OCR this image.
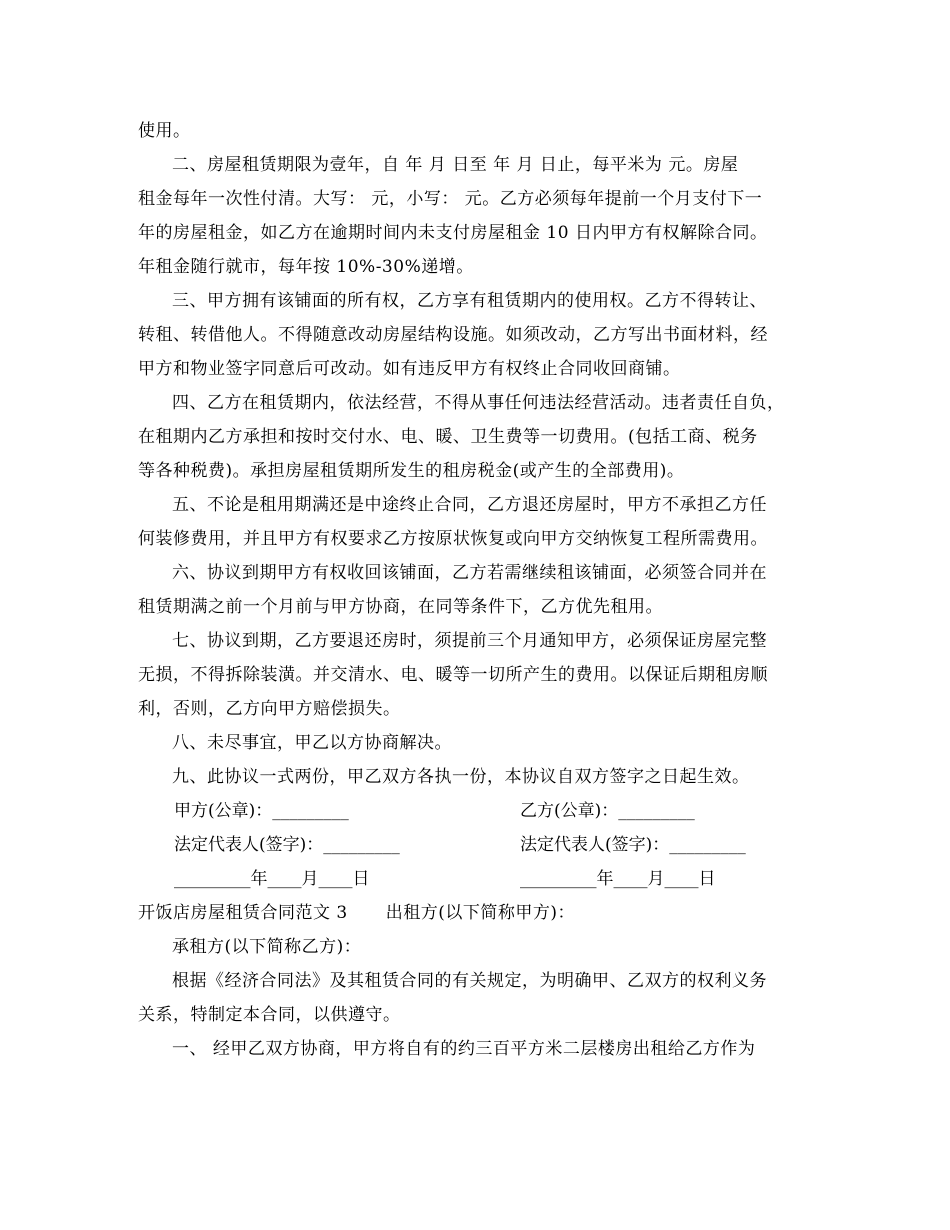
使用。
二、房屋租赁期限为壹年，自 年 月 日至 年 月 日止，每平米为 元。房屋
租金每年一次性付清。大写： 元，小写： 元。乙方必须每年提前一个月支付下一
年的房屋租金，如乙方在逾期时间内未支付房屋租金 10 日内甲方有权解除合同。
年租金随行就市，每年按 10%-30%递增。
三、甲方拥有该铺面的所有权，乙方享有租赁期内的使用权。乙方不得转让、
转租、转借他人。不得随意改动房屋结构设施。如须改动，乙方写出书面材料，经
甲方和物业签字同意后可改动。如有违反甲方有权终止合同收回商铺。
四、乙方在租赁期内，依法经营，不得从事任何违法经营活动。违者责任自负，
在租期内乙方承担和按时交付水、电、暖、卫生费等一切费用。(包括工商、税务
等各种税费)。承担房屋租赁期所发生的租房税金(或产生的全部费用)。
五、不论是租用期满还是中途终止合同，乙方退还房屋时，甲方不承担乙方任
何装修费用，并且甲方有权要求乙方按原状恢复或向甲方交纳恢复工程所需费用。
六、协议到期甲方有权收回该铺面，乙方若需继续租该铺面，必须签合同并在
租赁期满之前一个月前与甲方协商，在同等条件下，乙方优先租用。
七、协议到期，乙方要退还房时，须提前三个月通知甲方，必须保证房屋完整
无损，不得拆除装潢。并交清水、电、暖等一切所产生的费用。以保证后期租房顺
利，否则，乙方向甲方赔偿损失。
八、未尽事宜，甲乙以方协商解决。
九、此协议一式两份，甲乙双方各执一份，本协议自双方签字之日起生效。
甲方(公章)：_________	乙方(公章)：_________
法定代表人(签字)：_________	法定代表人(签字)：_________
_________年____月____日	_________年____月____日
开饭店房屋租赁合同范文 3 出租方(以下简称甲方)：
承租方(以下简称乙方)：
根据《经济合同法》及其租赁合同的有关规定，为明确甲、乙双方的权利义务
关系，特制定本合同，以供遵守。
一、 经甲乙双方协商，甲方将自有的约三百平方米二层楼房出租给乙方作为
